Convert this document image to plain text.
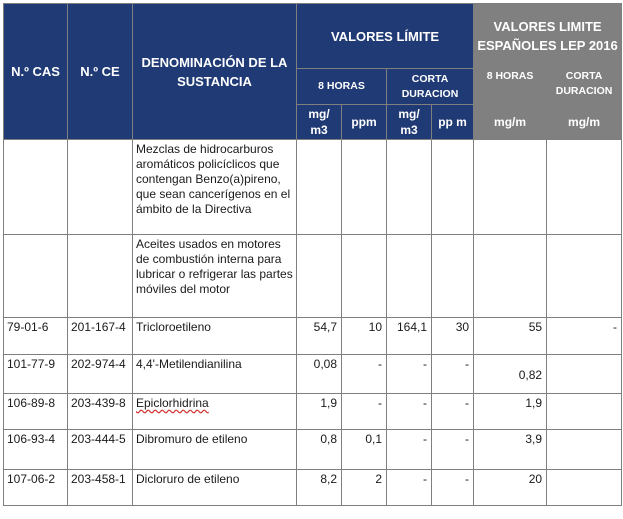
N.º CAS	N.º CE	DENOMINACIÓN DE LA SUSTANCIA	VALORES LÍMITE				VALORES LIMITE ESPAÑOLES LEP 2016	
			8 HORAS		CORTA DURACION		8 HORAS	CORTA DURACION
			mg/ m3	ppm	mg/ m3	pp m	mg/m	mg/m
		Mezclas de hidrocarburos aromáticos policíclicos que contengan Benzo(a)pireno, que sean cancerígenos en el ámbito de la Directiva						
		Aceites usados en motores de combustión interna para lubricar o refrigerar las partes móviles del motor						
79-01-6	201-167-4	Tricloroetileno	54,7	10	164,1	30	55	-
101-77-9	202-974-4	4,4'-Metilendianilina	0,08	-	-	-	0,82	
106-89-8	203-439-8	Epiclorhidrina	1,9	-	-	-	1,9	
106-93-4	203-444-5	Dibromuro de etileno	0,8	0,1	-	-	3,9	
107-06-2	203-458-1	Dicloruro de etileno	8,2	2	-	-	20	
